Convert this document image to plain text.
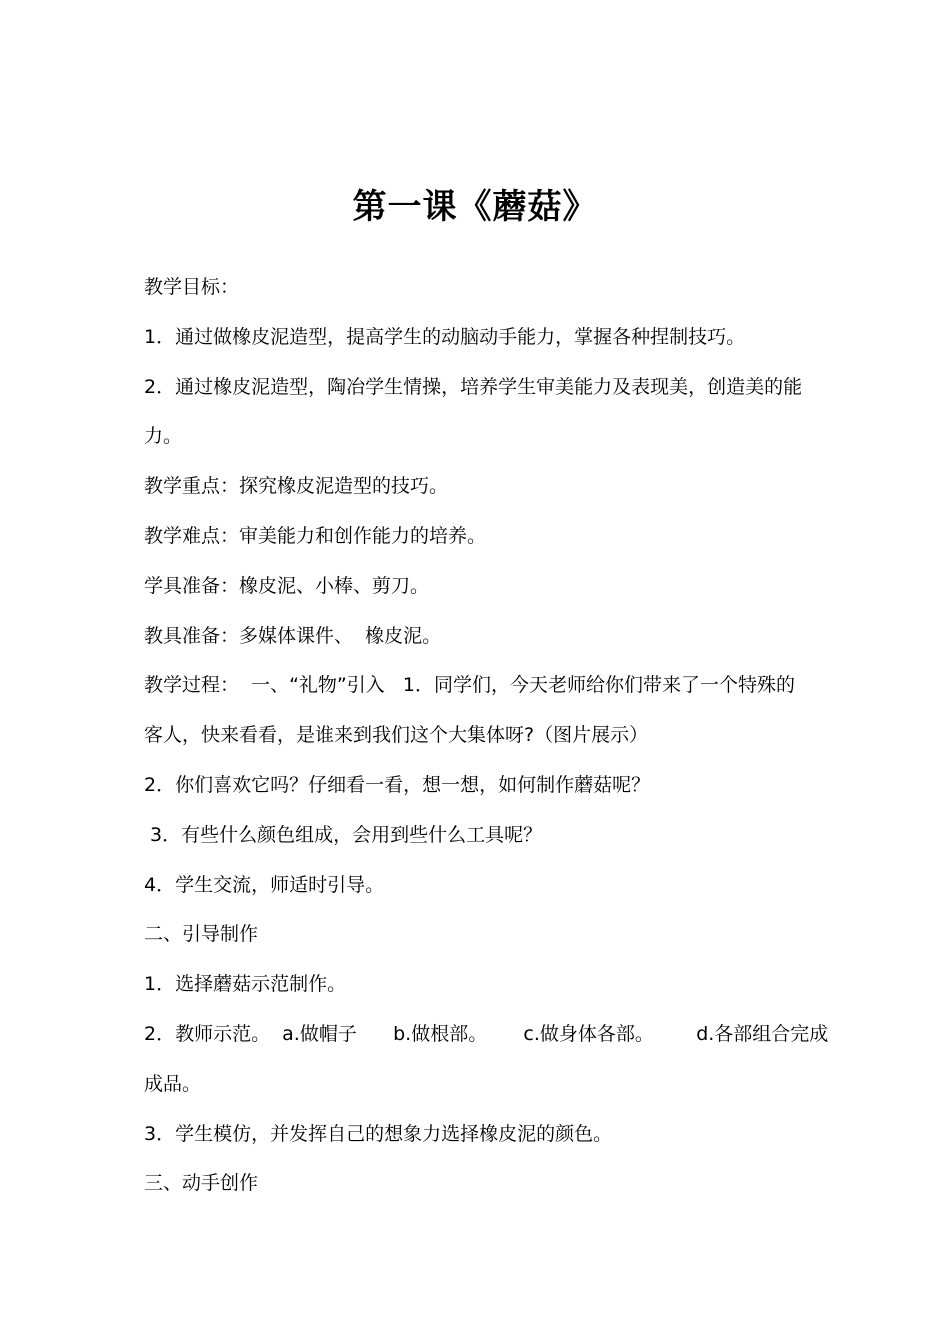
第一课《蘑菇》

教学目标：

1．通过做橡皮泥造型，提高学生的动脑动手能力，掌握各种捏制技巧。

2．通过橡皮泥造型，陶冶学生情操，培养学生审美能力及表现美，创造美的能

力。

教学重点：探究橡皮泥造型的技巧。

教学难点：审美能力和创作能力的培养。

学具准备：橡皮泥、小棒、剪刀。

教具准备：多媒体课件、  橡皮泥。

教学过程：  一、“礼物”引入   1．同学们，今天老师给你们带来了一个特殊的

客人，快来看看，是谁来到我们这个大集体呀?（图片展示）

2．你们喜欢它吗？仔细看一看，想一想，如何制作蘑菇呢？

3．有些什么颜色组成，会用到些什么工具呢？

4．学生交流，师适时引导。

二、引导制作

1．选择蘑菇示范制作。

2．教师示范。  a.做帽子      b.做根部。      c.做身体各部。       d.各部组合完成

成品。

3．学生模仿，并发挥自己的想象力选择橡皮泥的颜色。

三、动手创作
